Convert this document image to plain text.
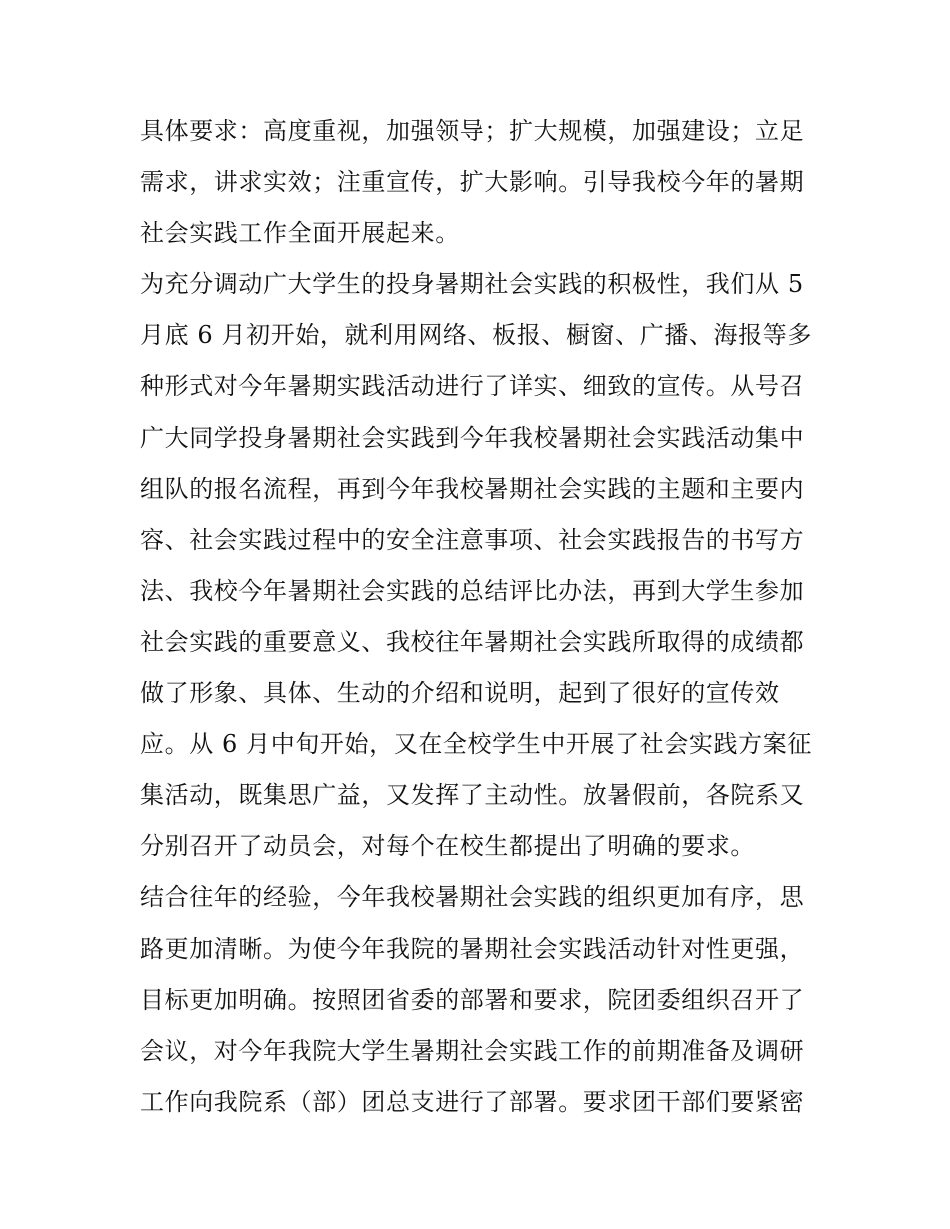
具体要求：高度重视，加强领导；扩大规模，加强建设；立足
需求，讲求实效；注重宣传，扩大影响。引导我校今年的暑期
社会实践工作全面开展起来。
为充分调动广大学生的投身暑期社会实践的积极性，我们从 5
月底 6 月初开始，就利用网络、板报、橱窗、广播、海报等多
种形式对今年暑期实践活动进行了详实、细致的宣传。从号召
广大同学投身暑期社会实践到今年我校暑期社会实践活动集中
组队的报名流程，再到今年我校暑期社会实践的主题和主要内
容、社会实践过程中的安全注意事项、社会实践报告的书写方
法、我校今年暑期社会实践的总结评比办法，再到大学生参加
社会实践的重要意义、我校往年暑期社会实践所取得的成绩都
做了形象、具体、生动的介绍和说明，起到了很好的宣传效
应。从 6 月中旬开始，又在全校学生中开展了社会实践方案征
集活动，既集思广益，又发挥了主动性。放暑假前，各院系又
分别召开了动员会，对每个在校生都提出了明确的要求。
结合往年的经验，今年我校暑期社会实践的组织更加有序，思
路更加清晰。为使今年我院的暑期社会实践活动针对性更强，
目标更加明确。按照团省委的部署和要求，院团委组织召开了
会议，对今年我院大学生暑期社会实践工作的前期准备及调研
工作向我院系（部）团总支进行了部署。要求团干部们要紧密
